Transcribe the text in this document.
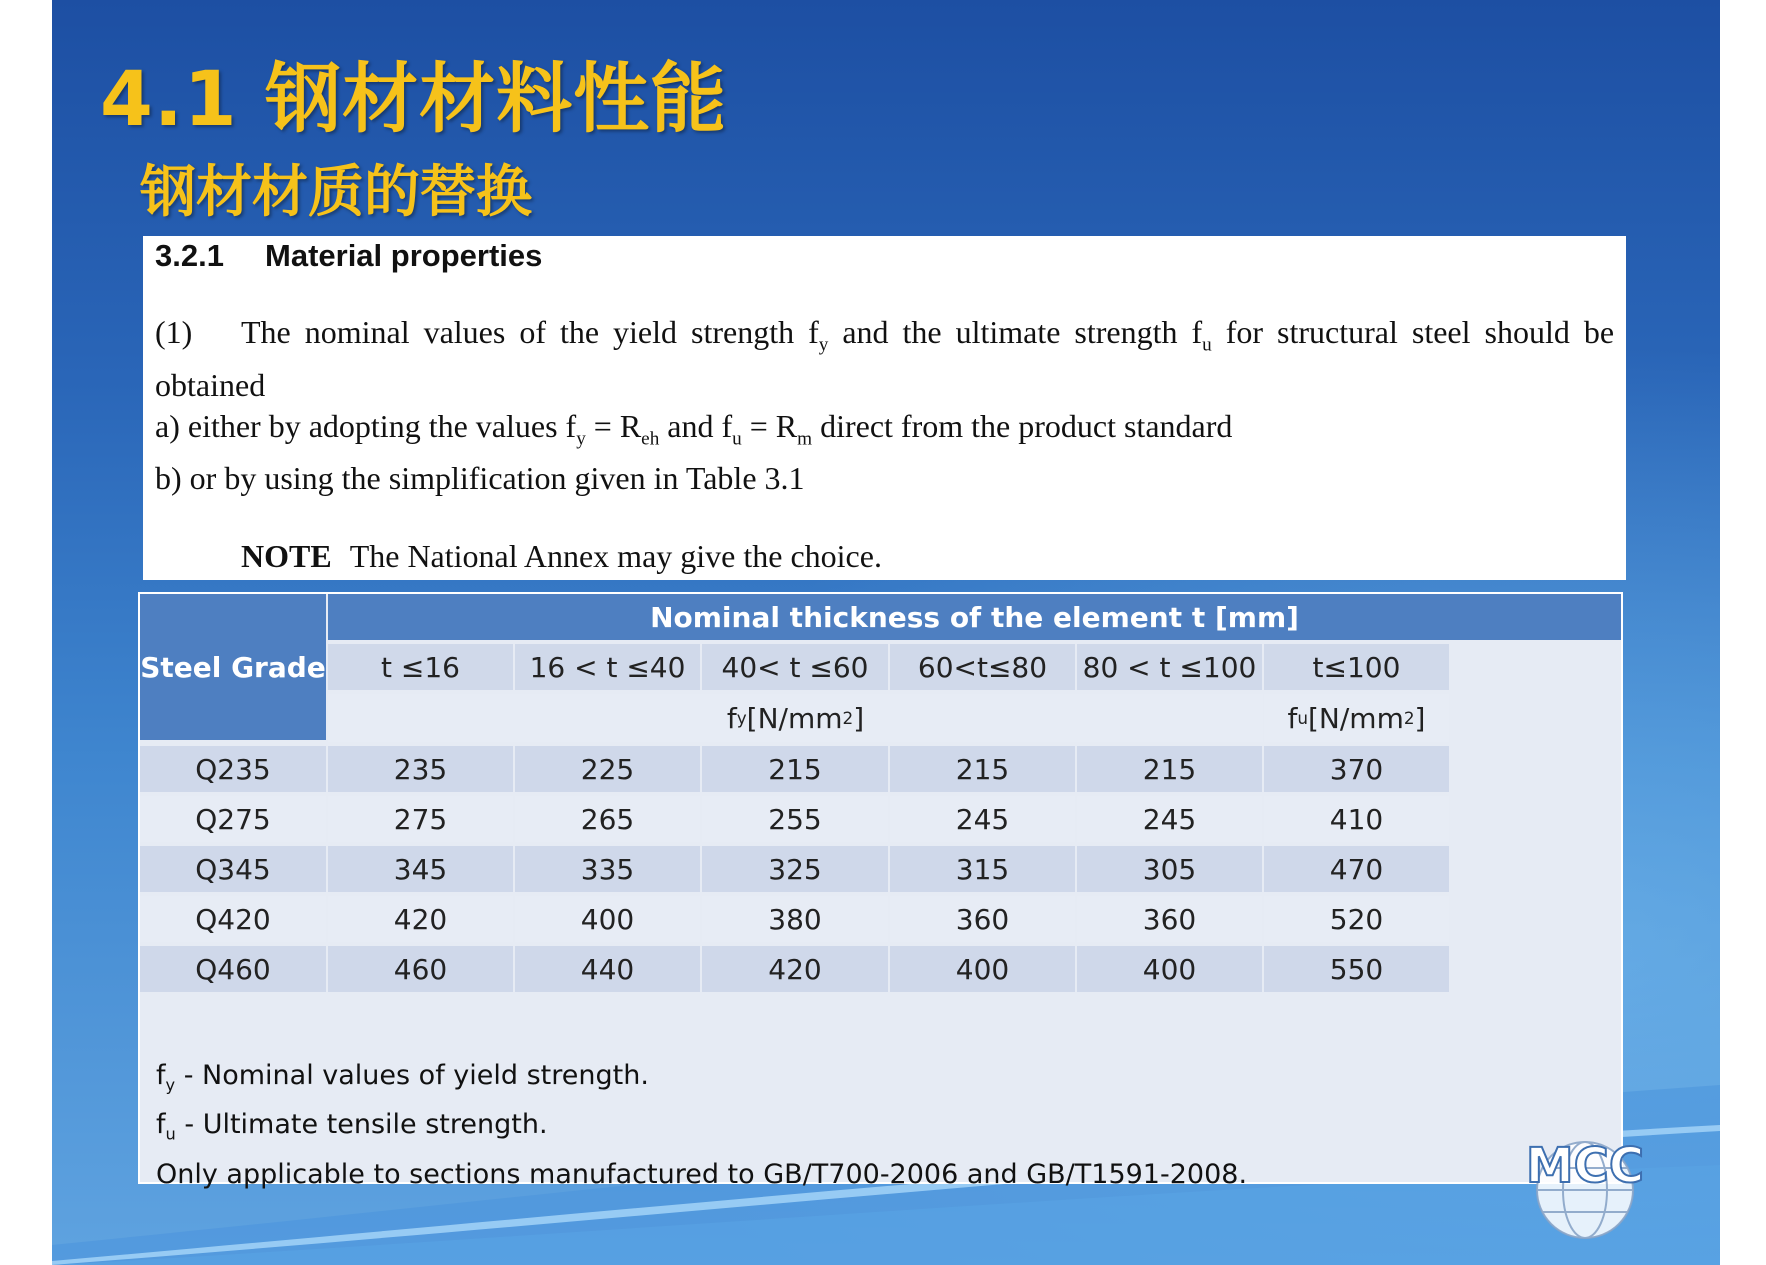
4.1 钢材材料性能
钢材材质的替换

3.2.1 Material properties

(1) The nominal values of the yield strength $f_y$ and the ultimate strength $f_u$ for structural steel should be obtained

a) either by adopting the values $f_y = R_{eh}$ and $f_u = R_m$ direct from the product standard

b) or by using the simplification given in Table 3.1

NOTE The National Annex may give the choice.

Steel Grade
Nominal thickness of the element t [mm]
t ≤16	16 < t ≤40	40< t ≤60	60<t≤80	80 < t ≤100	t≤100
f y [N/mm 2 ]	f u [N/mm 2 ]
Q235	235	225	215	215	215	370
Q275	275	265	255	245	245	410
Q345	345	335	325	315	305	470
Q420	420	400	380	360	360	520
Q460	460	440	420	400	400	550
$f_y$ - Nominal values of yield strength.
$f_u$ - Ultimate tensile strength.
Only applicable to sections manufactured to GB/T700-2006 and GB/T1591-2008.	MCC
